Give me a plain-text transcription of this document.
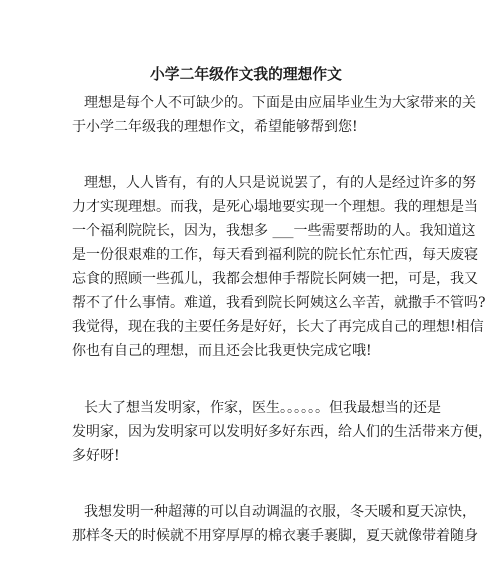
小学二年级作文我的理想作文
理想是每个人不可缺少的。下面是由应届毕业生为大家带来的关
于小学二年级我的理想作文，希望能够帮到您!
理想，人人皆有，有的人只是说说罢了，有的人是经过许多的努
力才实现理想。而我，是死心塌地要实现一个理想。我的理想是当
一个福利院院长，因为，我想多 ___一些需要帮助的人。我知道这
是一份很艰难的工作，每天看到福利院的院长忙东忙西，每天废寝
忘食的照顾一些孤儿，我都会想伸手帮院长阿姨一把，可是，我又
帮不了什么事情。难道，我看到院长阿姨这么辛苦，就撒手不管吗?
我觉得，现在我的主要任务是好好，长大了再完成自己的理想!相信
你也有自己的理想，而且还会比我更快完成它哦!
长大了想当发明家，作家，医生。。。。。。但我最想当的还是
发明家，因为发明家可以发明好多好东西，给人们的生活带来方便，
多好呀!
我想发明一种超薄的可以自动调温的衣服，冬天暖和夏天凉快，
那样冬天的时候就不用穿厚厚的棉衣裹手裹脚，夏天就像带着随身
